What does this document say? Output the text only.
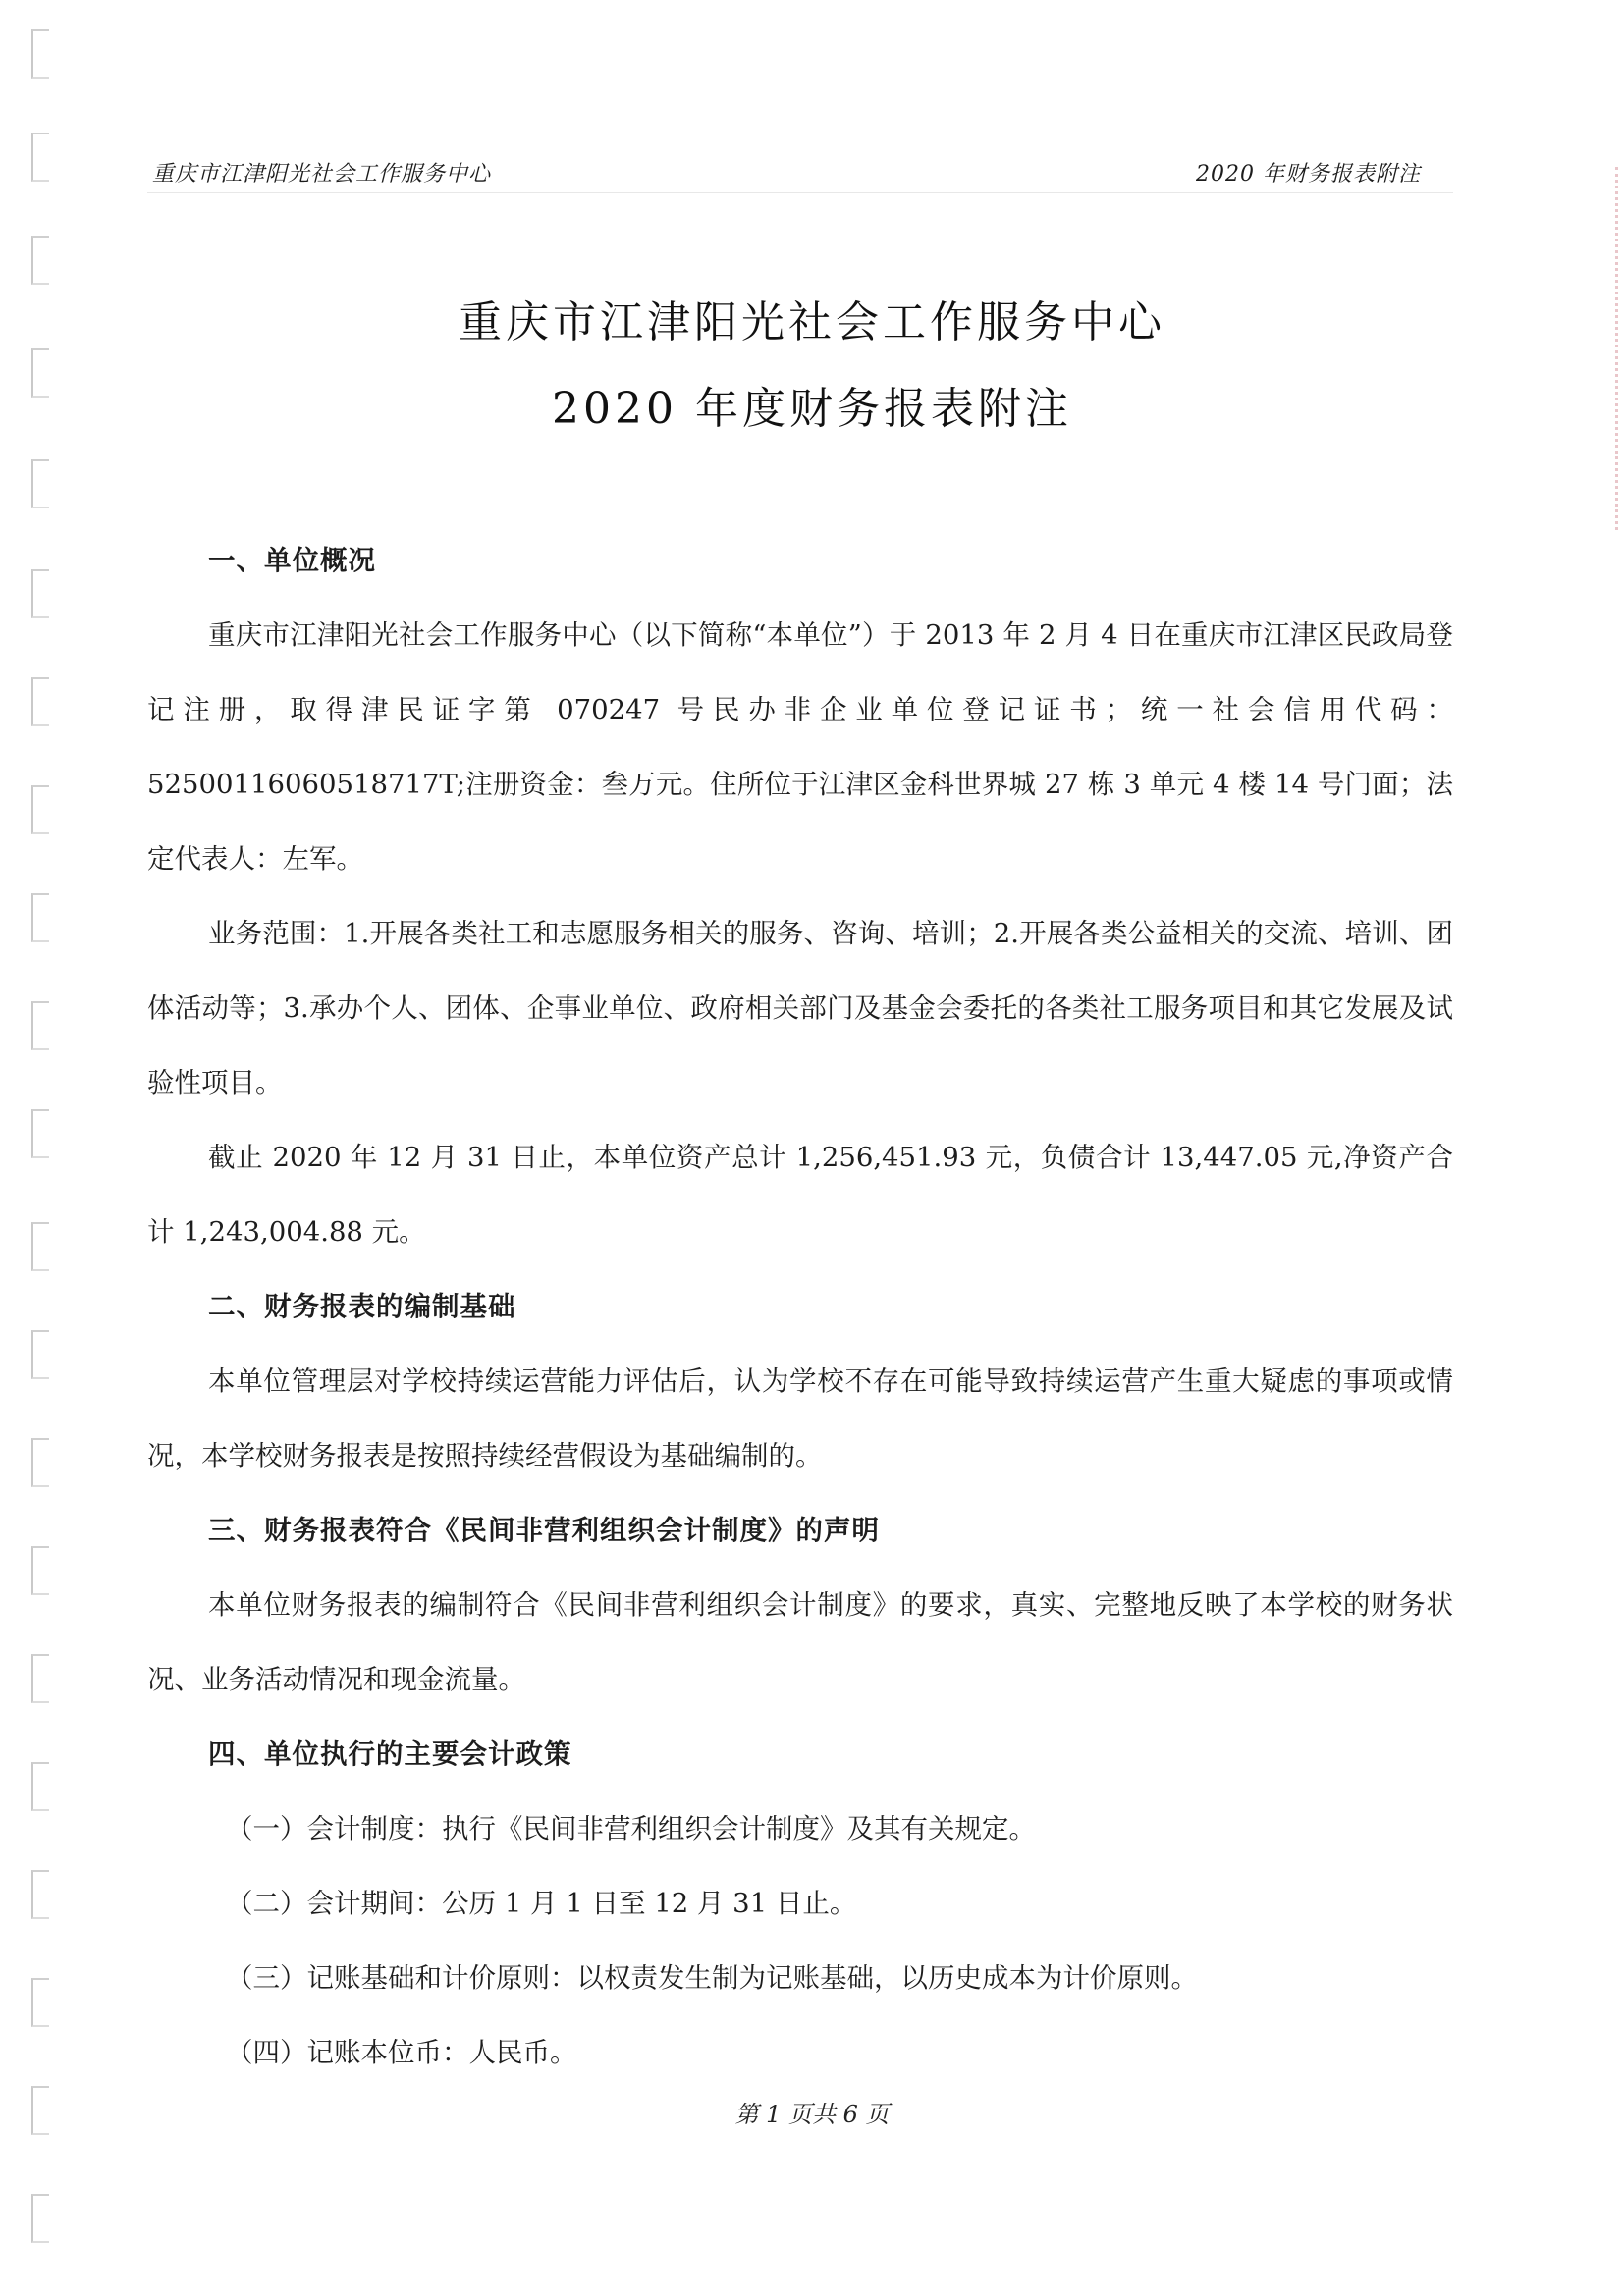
重庆市江津阳光社会工作服务中心	2020 年财务报表附注
重庆市江津阳光社会工作服务中心
2020 年度财务报表附注
一、单位概况
重庆市江津阳光社会工作服务中心（以下简称“本单位”）于 2013 年 2 月 4 日在重庆市江津区民政局登记注册，取得津民证字第 070247 号民办非企业单位登记证书；统一社会信用代码：52500116060518717T;注册资金：叁万元。住所位于江津区金科世界城 27 栋 3 单元 4 楼 14 号门面；法定代表人：左军。
业务范围：1.开展各类社工和志愿服务相关的服务、咨询、培训；2.开展各类公益相关的交流、培训、团体活动等；3.承办个人、团体、企事业单位、政府相关部门及基金会委托的各类社工服务项目和其它发展及试验性项目。
截止 2020 年 12 月 31 日止，本单位资产总计 1,256,451.93 元，负债合计 13,447.05 元,净资产合计 1,243,004.88 元。
二、财务报表的编制基础
本单位管理层对学校持续运营能力评估后，认为学校不存在可能导致持续运营产生重大疑虑的事项或情况，本学校财务报表是按照持续经营假设为基础编制的。
三、财务报表符合《民间非营利组织会计制度》的声明
本单位财务报表的编制符合《民间非营利组织会计制度》的要求，真实、完整地反映了本学校的财务状况、业务活动情况和现金流量。
四、单位执行的主要会计政策
（一）会计制度：执行《民间非营利组织会计制度》及其有关规定。
（二）会计期间：公历 1 月 1 日至 12 月 31 日止。
（三）记账基础和计价原则：以权责发生制为记账基础，以历史成本为计价原则。
（四）记账本位币：人民币。
第 1 页共 6 页
